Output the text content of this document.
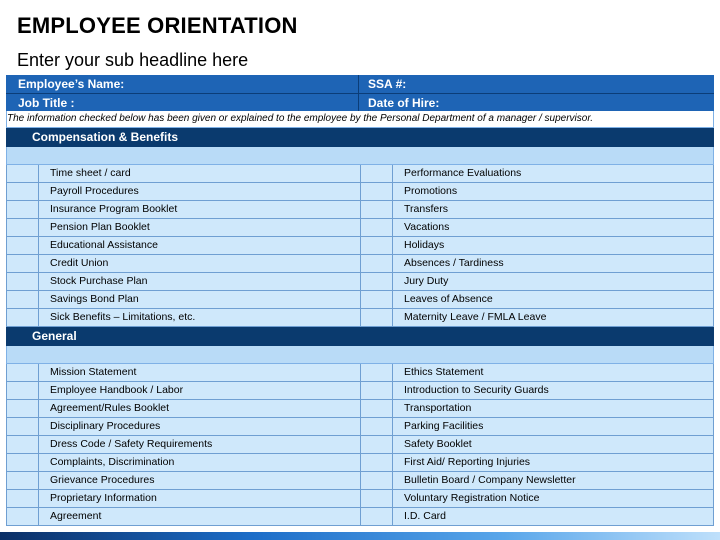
EMPLOYEE ORIENTATION
Enter your sub headline here
Employee’s Name:	SSA #:
Job Title :	Date of Hire:
The information checked below has been given or explained to the employee by the Personal Department of a manager / supervisor.
Compensation & Benefits
Time sheet / card	Performance Evaluations
Payroll Procedures	Promotions
Insurance Program Booklet	Transfers
Pension Plan Booklet	Vacations
Educational Assistance	Holidays
Credit Union	Absences / Tardiness
Stock Purchase Plan	Jury Duty
Savings Bond Plan	Leaves of Absence
Sick Benefits – Limitations, etc.	Maternity Leave / FMLA Leave
General
Mission Statement	Ethics Statement
Employee Handbook / Labor	Introduction to Security Guards
Agreement/Rules Booklet	Transportation
Disciplinary Procedures	Parking Facilities
Dress Code / Safety Requirements	Safety Booklet
Complaints, Discrimination	First Aid/ Reporting Injuries
Grievance Procedures	Bulletin Board / Company Newsletter
Proprietary Information	Voluntary Registration Notice
Agreement	I.D. Card
